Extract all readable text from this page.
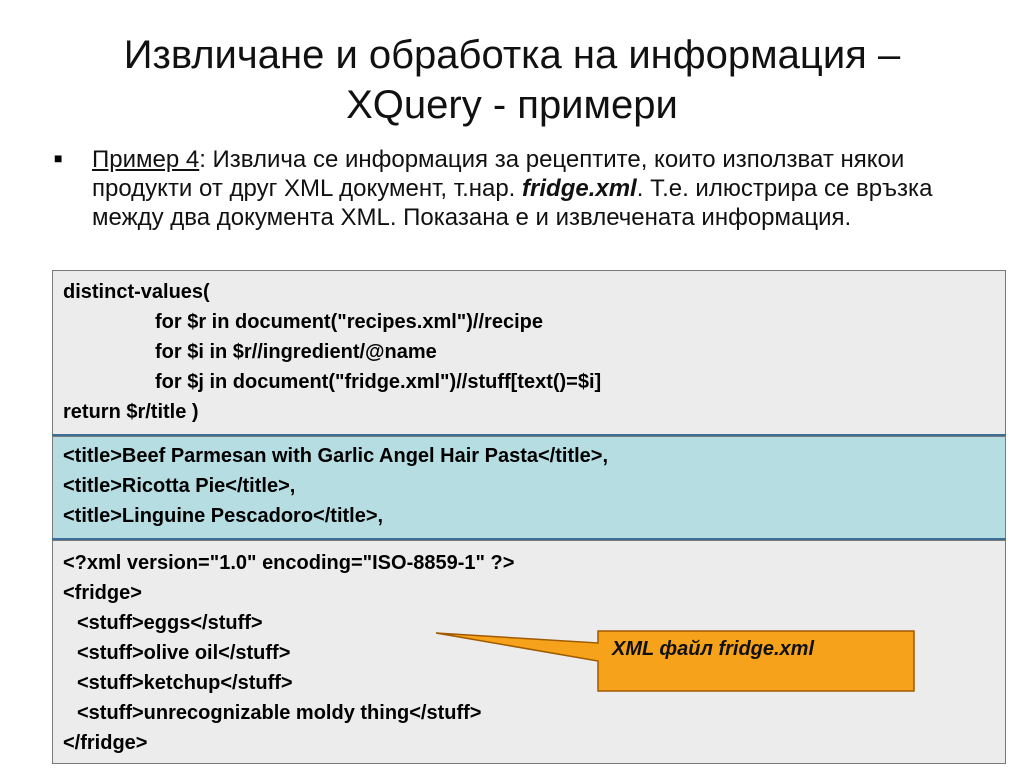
Извличане и обработка на информация –
XQuery - примери
■ Пример 4: Извлича се информация за рецептите, които използват някои продукти от друг XML документ, т.нар. fridge.xml. Т.е. илюстрира се връзка между два документа XML. Показана е и извлечената информация.
distinct-values(
for $r in document("recipes.xml")//recipe
for $i in $r//ingredient/@name
for $j in document("fridge.xml")//stuff[text()=$i]
return $r/title )
<title>Beef Parmesan with Garlic Angel Hair Pasta</title>,
<title>Ricotta Pie</title>,
<title>Linguine Pescadoro</title>,
<?xml version="1.0" encoding="ISO-8859-1" ?>
<fridge>
<stuff>eggs</stuff>
<stuff>olive oil</stuff>
<stuff>ketchup</stuff>
<stuff>unrecognizable moldy thing</stuff>
</fridge>
XML файл fridge.xml
